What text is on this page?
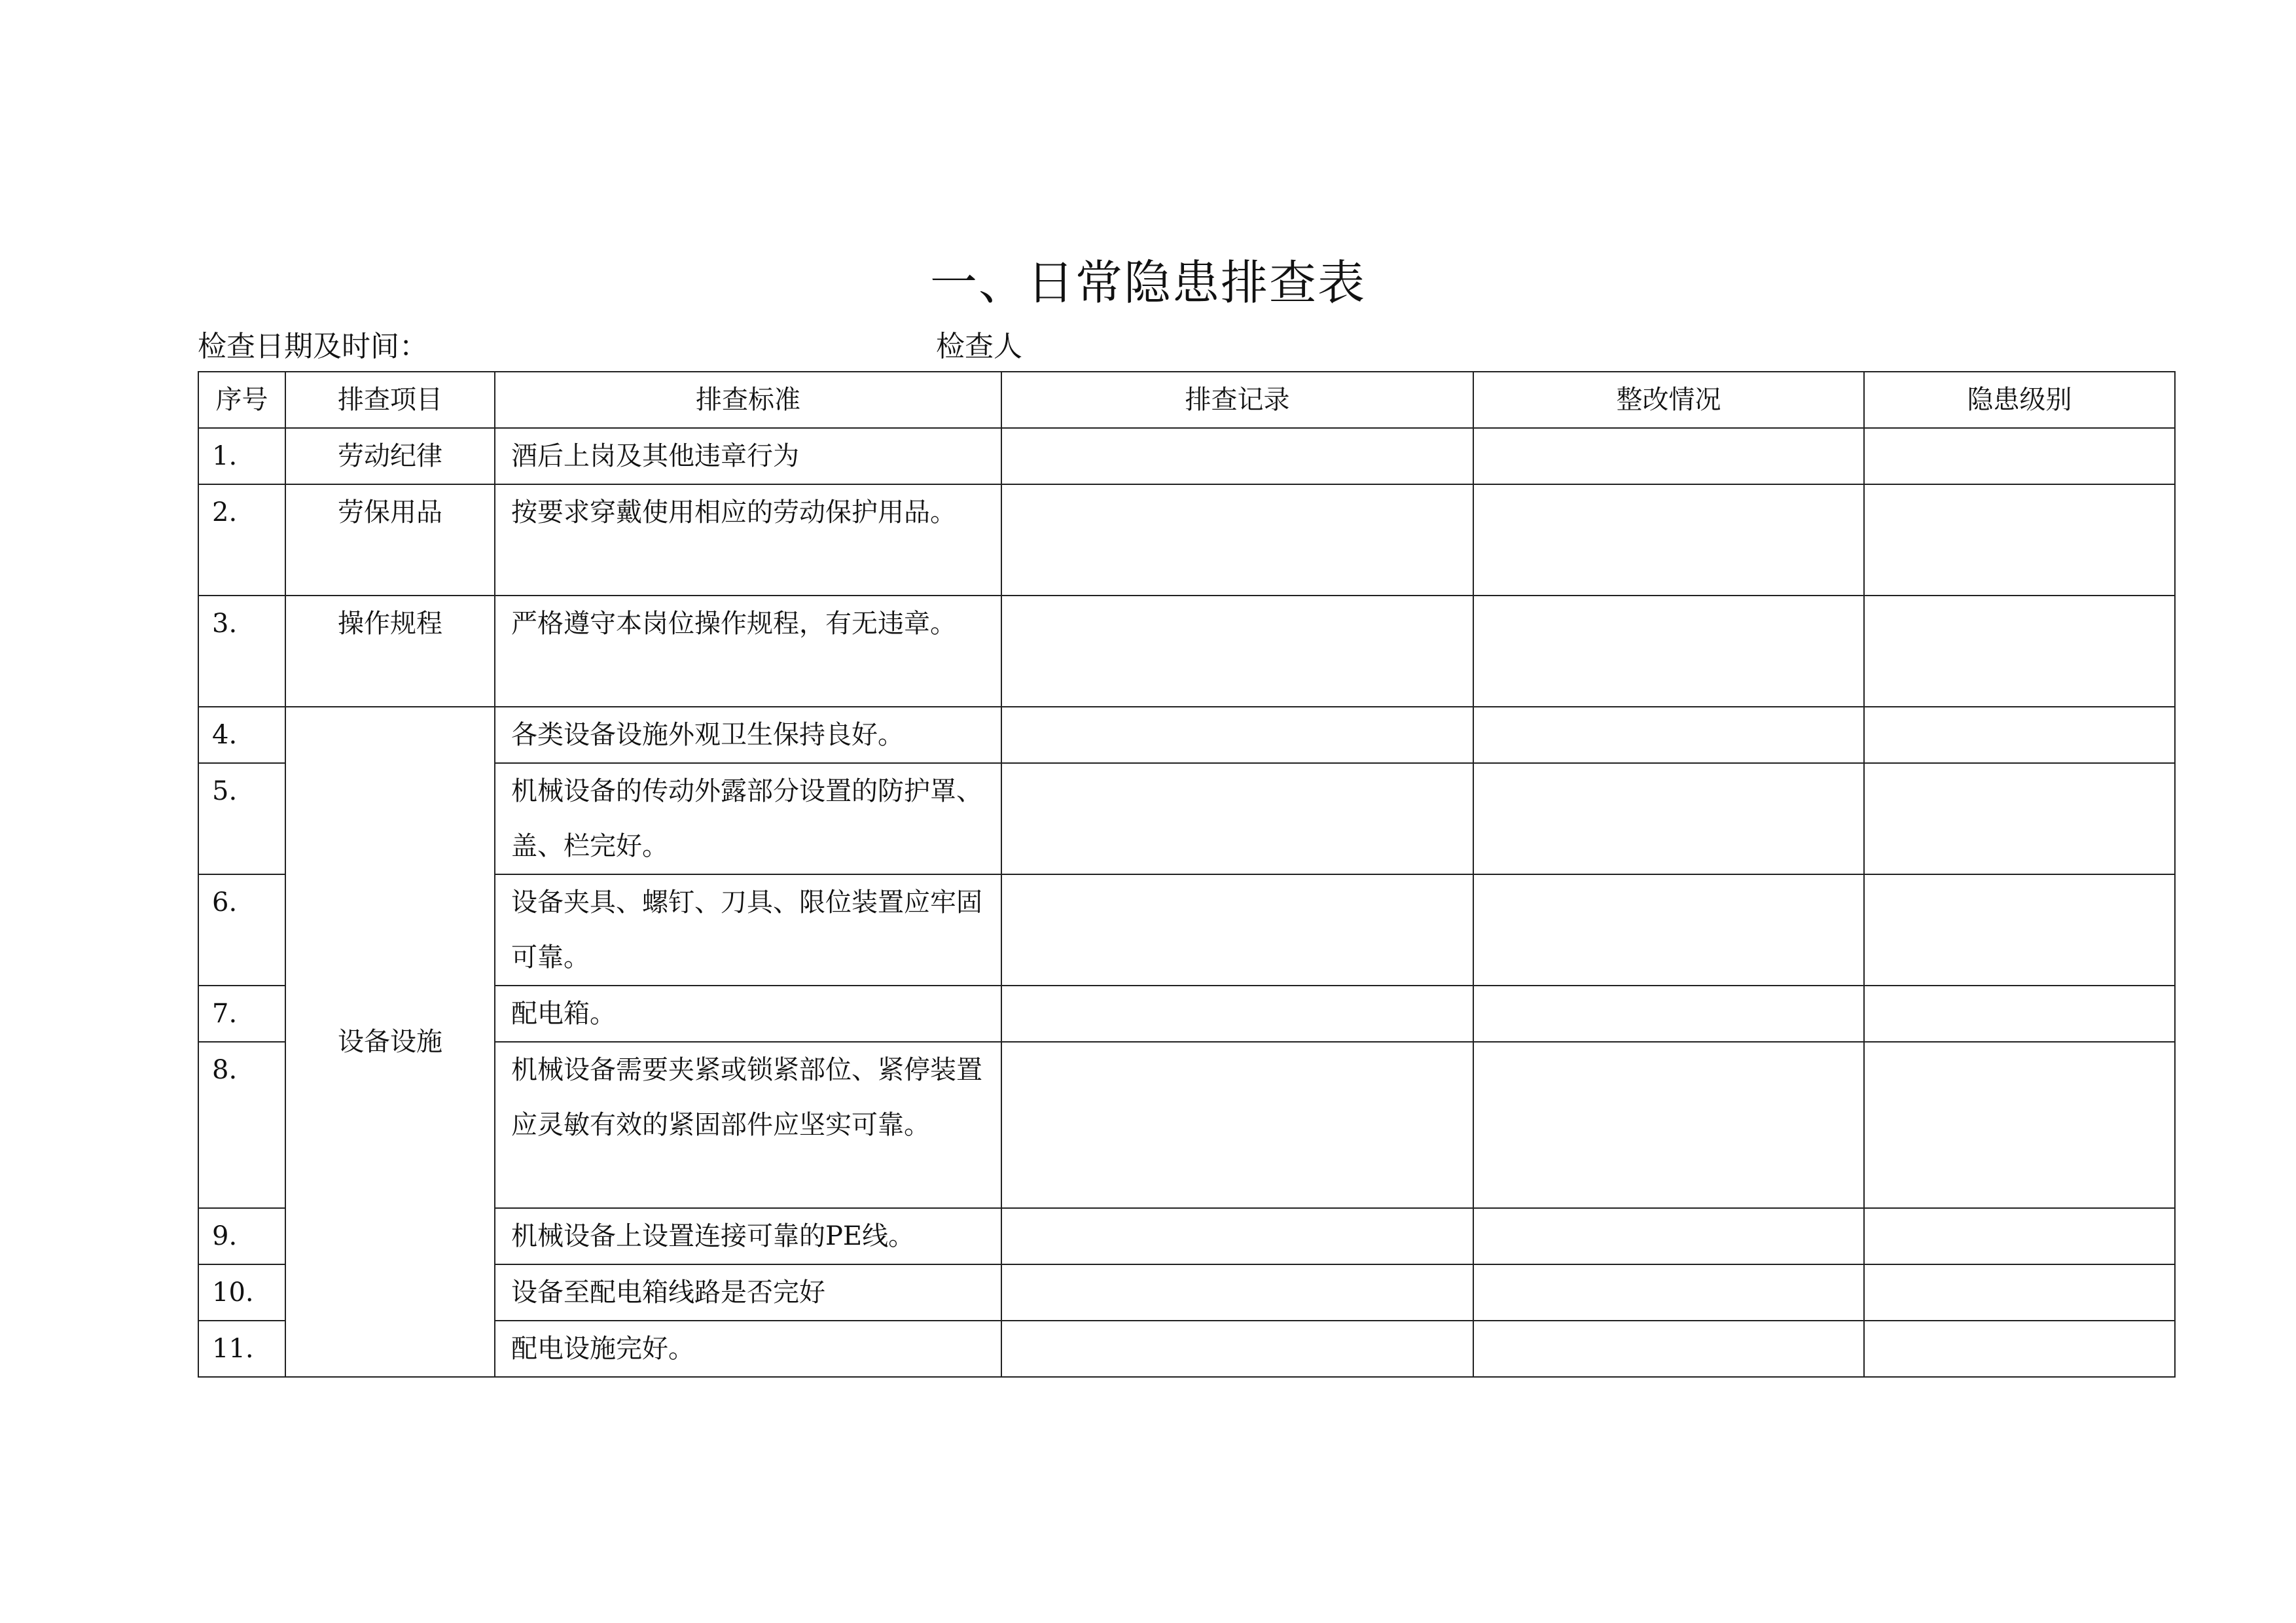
一、日常隐患排查表
检查日期及时间：	检查人
序号	排查项目	排查标准	排查记录	整改情况	隐患级别
1.	劳动纪律	酒后上岗及其他违章行为			
2.	劳保用品	按要求穿戴使用相应的劳动保护用品。			
3.	操作规程	严格遵守本岗位操作规程，有无违章。			
4.	设备设施	各类设备设施外观卫生保持良好。			
5.		机械设备的传动外露部分设置的防护罩、盖、栏完好。			
6.		设备夹具、螺钉、刀具、限位装置应牢固可靠。			
7.		配电箱。			
8.		机械设备需要夹紧或锁紧部位、紧停装置应灵敏有效的紧固部件应坚实可靠。			
9.		机械设备上设置连接可靠的PE线。			
10.		设备至配电箱线路是否完好			
11.		配电设施完好。			
